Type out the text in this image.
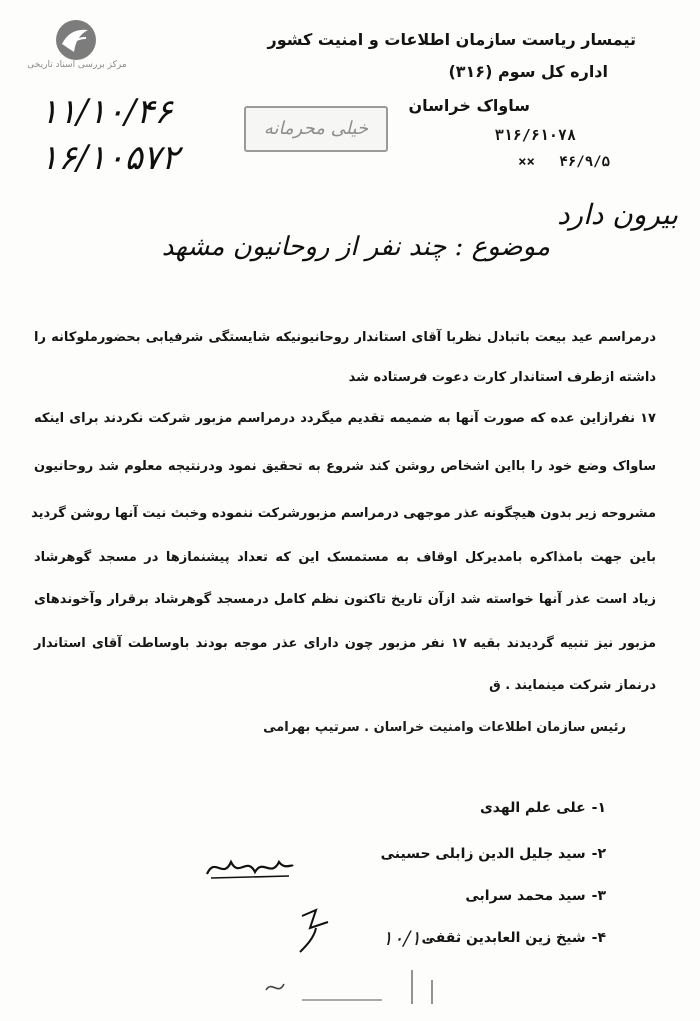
مرکز بررسی اسناد تاریخی
تیمسار ریاست سازمان اطلاعات و امنیت کشور
اداره کل سوم (۳۱۶)
ساواک خراسان
۳۱۶/۶۱۰۷۸
۴۶/۹/۵ ××
خیلی محرمانه
۱۱/۱۰/۴۶
۱۶/۱۰۵۷۲
بیرون دارد
موضوع : چند نفر از روحانیون مشهد
درمراسم عید بیعت باتبادل نظربا آقای استاندار روحانیونیکه شایستگی شرفیابی بحضورملوکانه را
داشته ازطرف استاندار کارت دعوت فرستاده شد
۱۷ نفرازاین عده که صورت آنها به ضمیمه تقدیم میگردد درمراسم مزبور شرکت نکردند برای اینکه
ساواک وضع خود را بااین اشخاص روشن کند شروع به تحقیق نمود ودرنتیجه معلوم شد روحانیون
مشروحه زیر بدون هیچگونه عذر موجهی درمراسم مزبورشرکت ننموده وخبث نیت آنها روشن گردید
باین جهت بامذاکره بامدیرکل اوقاف به مستمسک این که تعداد پیشنمازها در مسجد گوهرشاد
زیاد است عذر آنها خواسته شد ازآن تاریخ تاکنون نظم کامل درمسجد گوهرشاد برقرار وآخوندهای
مزبور نیز تنبیه گردیدند بقیه ۱۷ نفر مزبور چون دارای عذر موجه بودند باوساطت آقای استاندار
درنماز شرکت مینمایند . ق
رئیس سازمان اطلاعات وامنیت خراسان . سرتیپ بهرامی
۱-علی علم الهدی
۲-سید جلیل الدین زابلی حسینی
۳-سید محمد سرابی
۴-شیخ زین العابدین ثقفی
۱۰/۱۰
